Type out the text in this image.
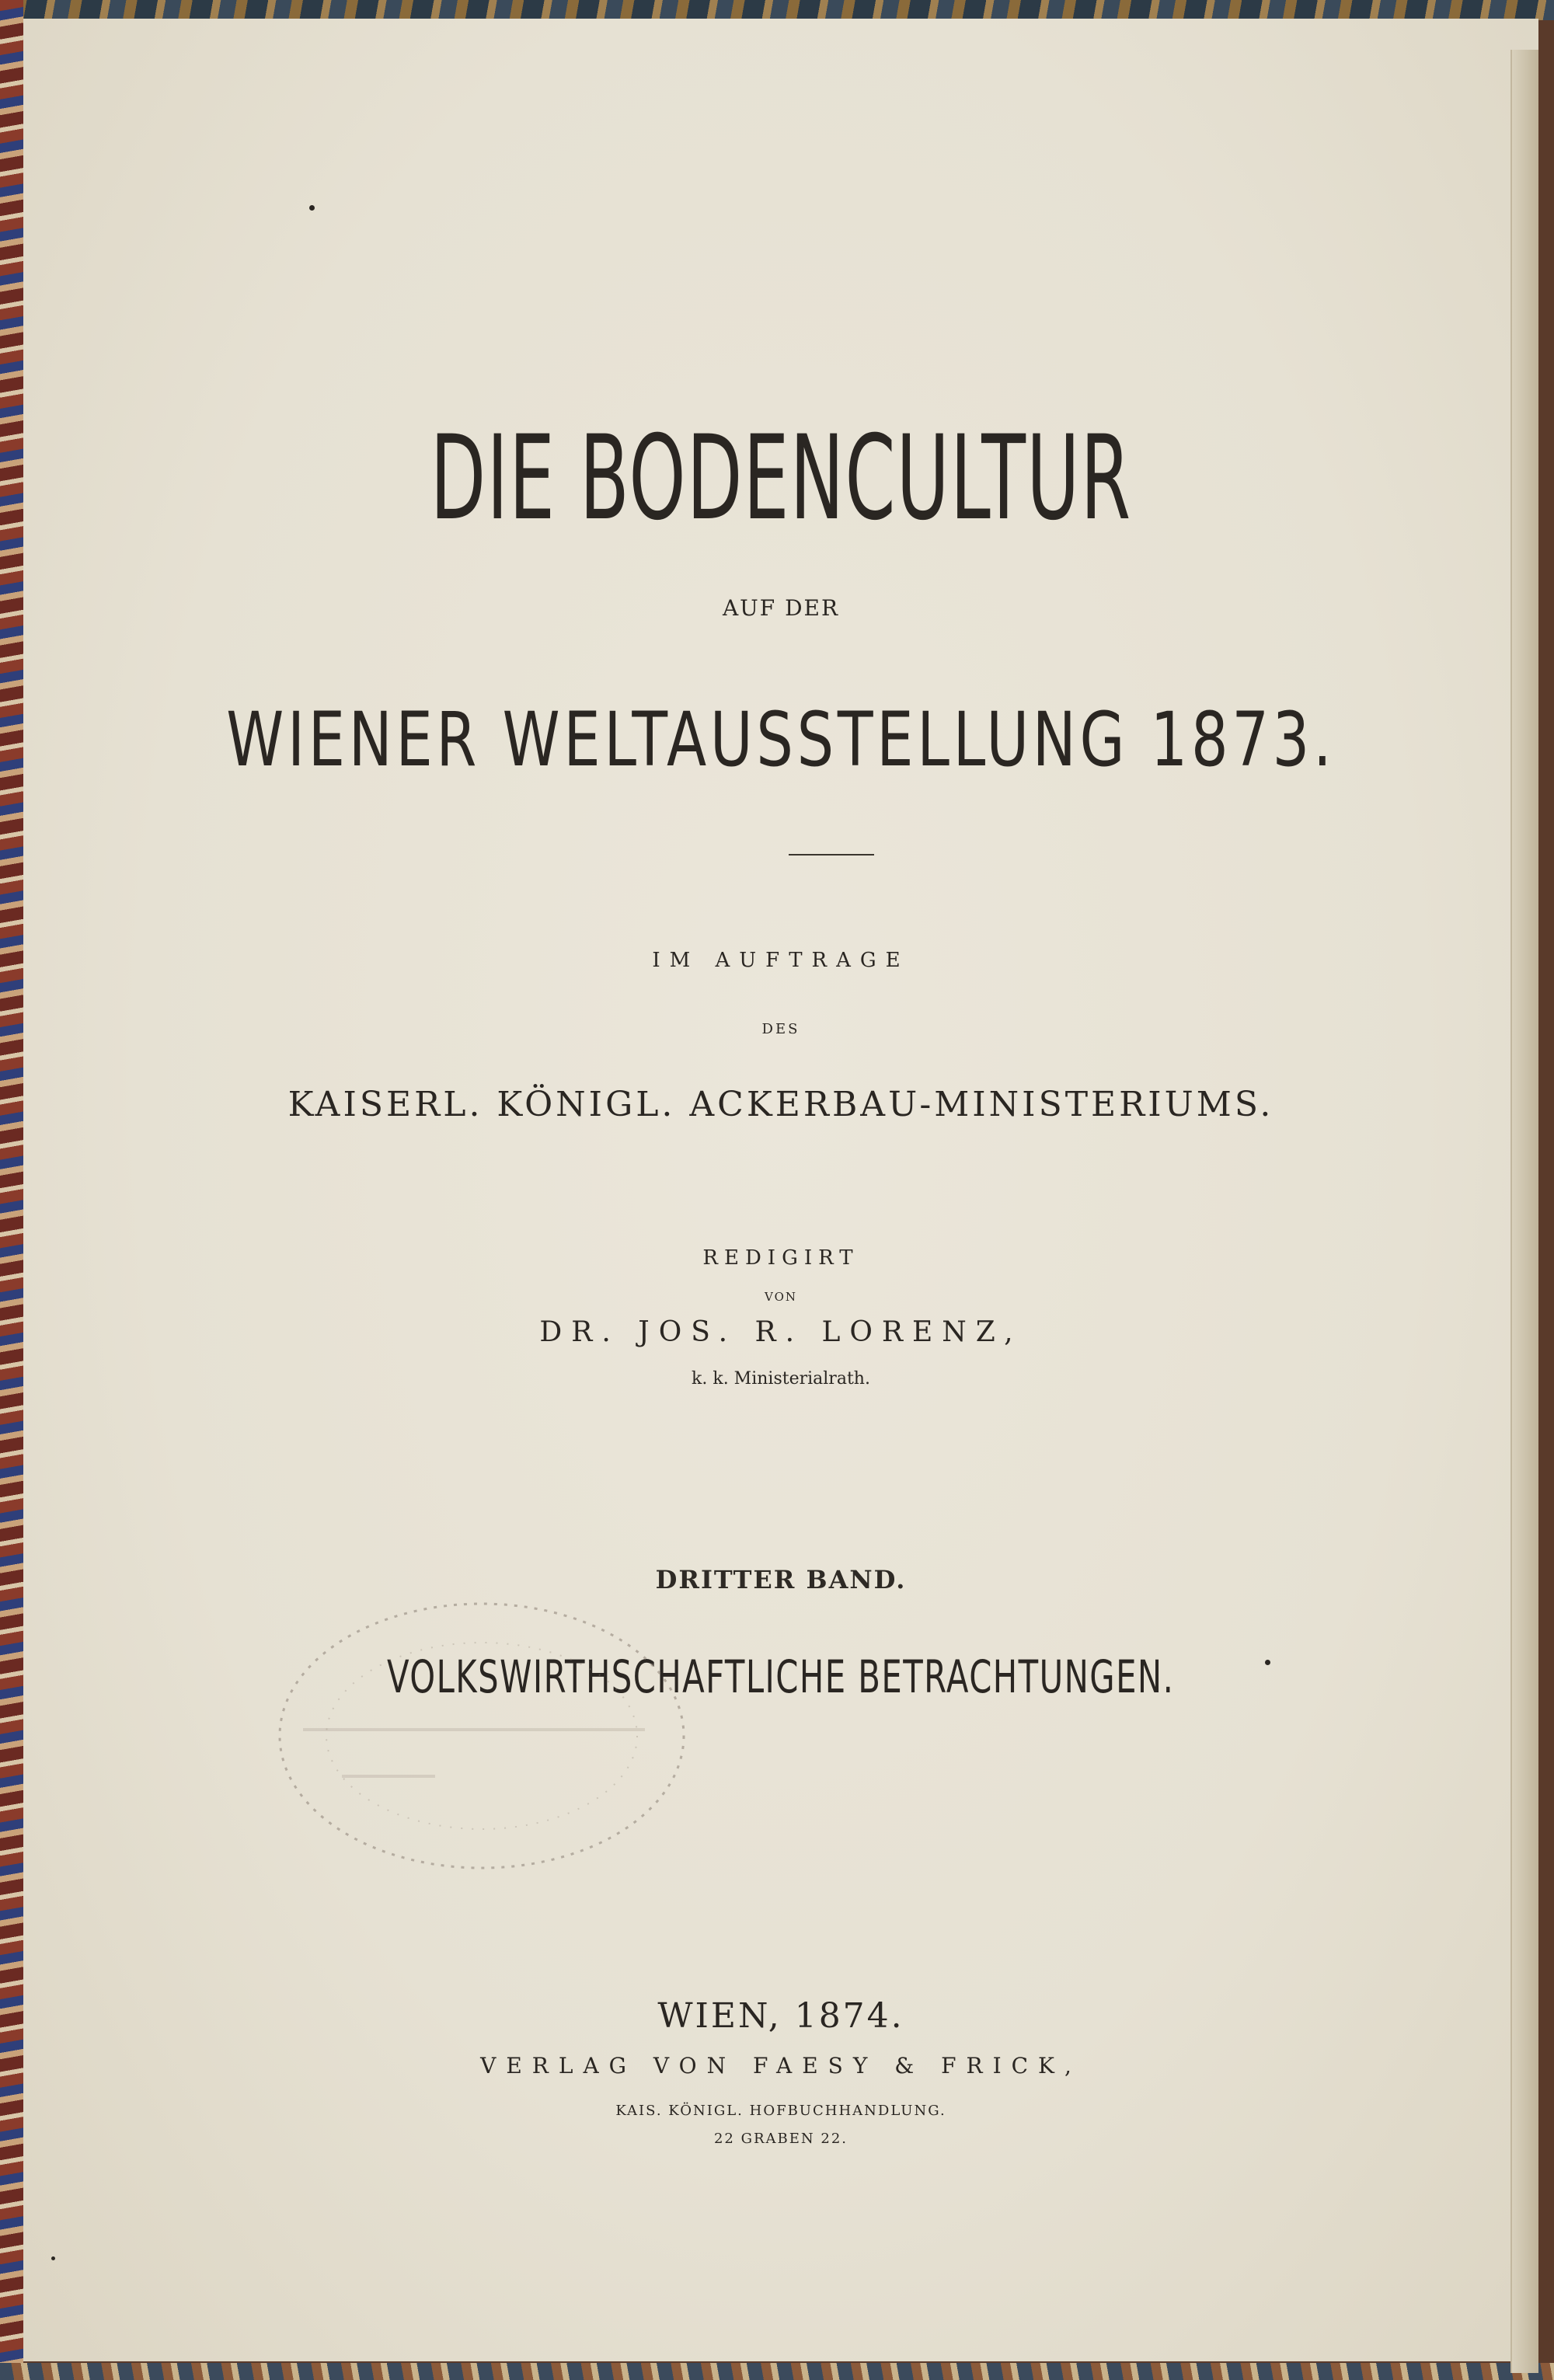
DIE BODENCULTUR
AUF DER
WIENER WELTAUSSTELLUNG 1873.
IM AUFTRAGE
DES
KAISERL. KÖNIGL. ACKERBAU-MINISTERIUMS.
REDIGIRT
VON
DR. JOS. R. LORENZ,
k. k. Ministerialrath.
DRITTER BAND.
VOLKSWIRTHSCHAFTLICHE BETRACHTUNGEN.
WIEN, 1874.
VERLAG VON FAESY & FRICK,
KAIS. KÖNIGL. HOFBUCHHANDLUNG.
22 GRABEN 22.
